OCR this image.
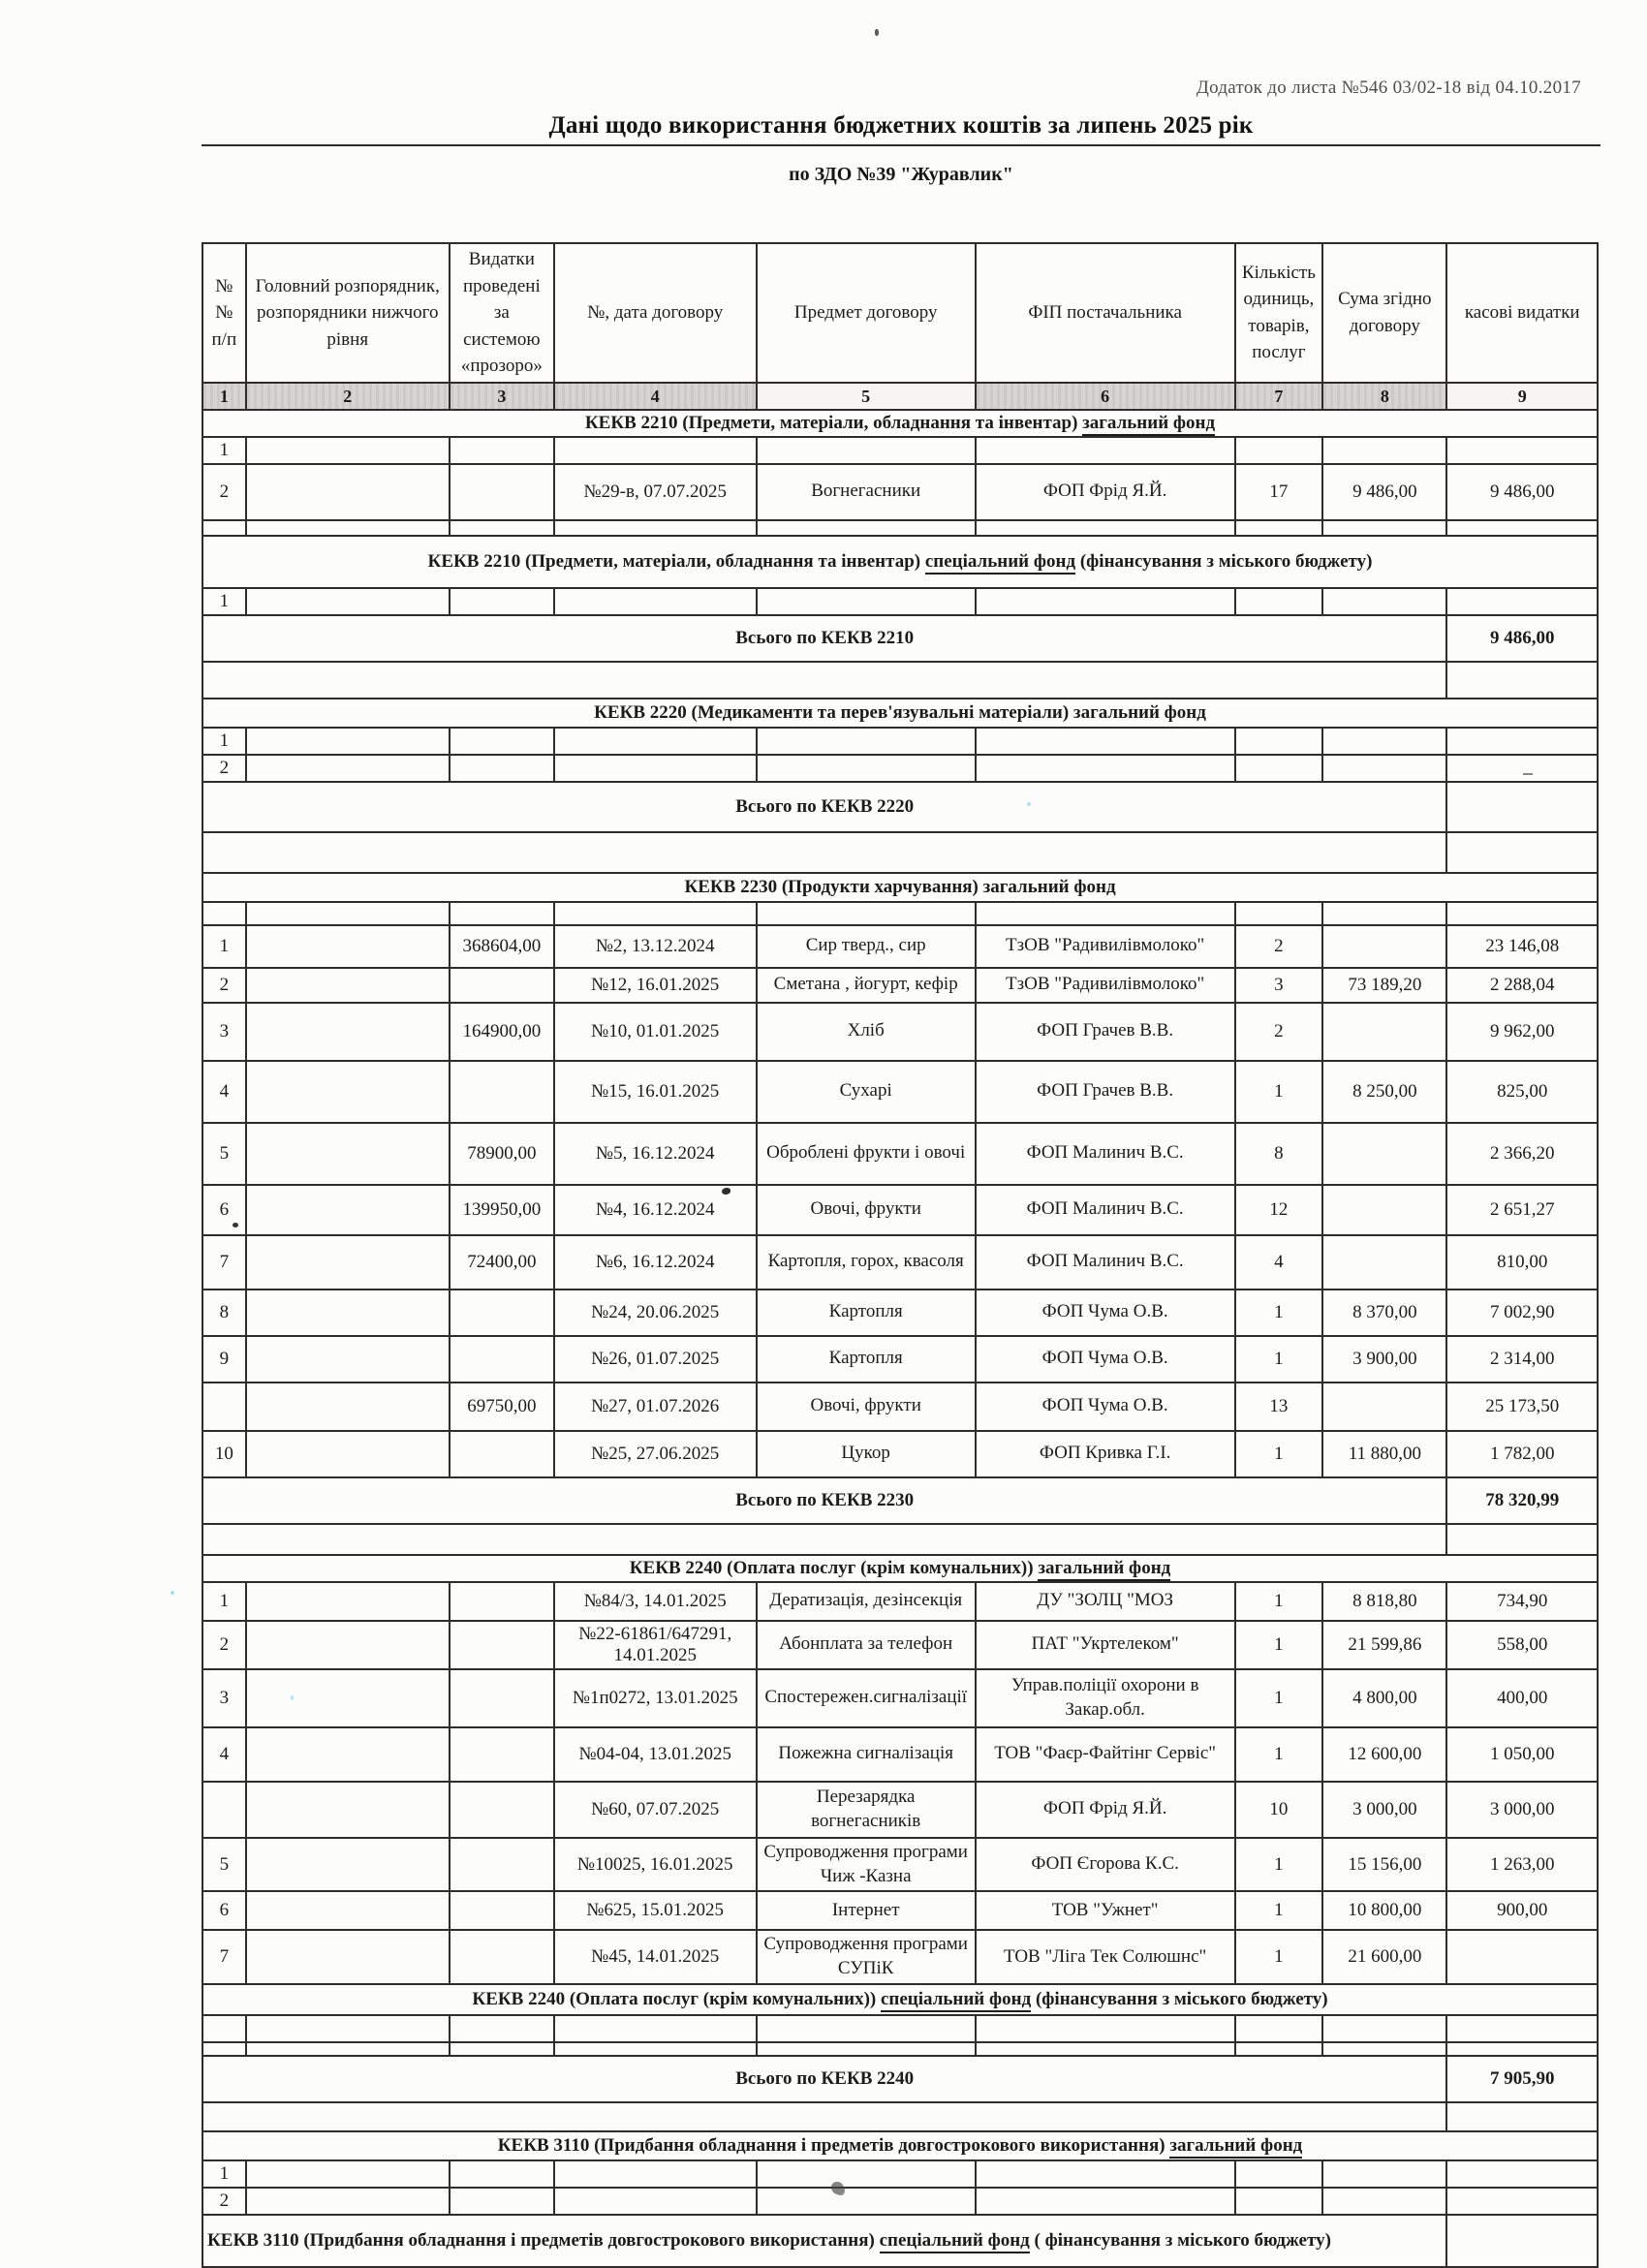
Додаток до листа №546 03/02-18 від 04.10.2017
Дані щодо використання бюджетних коштів за липень 2025 рік
по ЗДО №39 "Журавлик"
№№ п/п	Головний розпорядник, розпорядники нижчого рівня	Видатки проведені за системою «прозоро»	№, дата договору	Предмет договору	ФІП постачальника	Кількість одиниць, товарів, послуг	Сума згідно договору	касові видатки
1	2	3	4	5	6	7	8	9
КЕКВ 2210 (Предмети, матеріали, обладнання та інвентар) загальний фонд								
1								
2			№29-в, 07.07.2025	Вогнегасники	ФОП Фрід Я.Й.	17	9 486,00	9 486,00

КЕКВ 2210 (Предмети, матеріали, обладнання та інвентар) спеціальний фонд (фінансування з міського бюджету)								
1								
Всього по КЕКВ 2210								9 486,00

КЕКВ 2220 (Медикаменти та перев'язувальні матеріали) загальний фонд								
1								
2								
Всього по КЕКВ 2220								

КЕКВ 2230 (Продукти харчування) загальний фонд								

1		368604,00	№2, 13.12.2024	Сир тверд., сир	ТзОВ "Радивилівмолоко"	2		23 146,08
2			№12, 16.01.2025	Сметана , йогурт, кефір	ТзОВ "Радивилівмолоко"	3	73 189,20	2 288,04
3		164900,00	№10, 01.01.2025	Хліб	ФОП Грачев В.В.	2		9 962,00
4			№15, 16.01.2025	Сухарі	ФОП Грачев В.В.	1	8 250,00	825,00
5		78900,00	№5, 16.12.2024	Оброблені фрукти і овочі	ФОП Малинич В.С.	8		2 366,20
6		139950,00	№4, 16.12.2024	Овочі, фрукти	ФОП Малинич В.С.	12		2 651,27
7		72400,00	№6, 16.12.2024	Картопля, горох, квасоля	ФОП Малинич В.С.	4		810,00
8			№24, 20.06.2025	Картопля	ФОП Чума О.В.	1	8 370,00	7 002,90
9			№26, 01.07.2025	Картопля	ФОП Чума О.В.	1	3 900,00	2 314,00
		69750,00	№27, 01.07.2026	Овочі, фрукти	ФОП Чума О.В.	13		25 173,50
10			№25, 27.06.2025	Цукор	ФОП Кривка Г.І.	1	11 880,00	1 782,00
Всього по КЕКВ 2230								78 320,99

КЕКВ 2240 (Оплата послуг (крім комунальних)) загальний фонд								
1			№84/3, 14.01.2025	Дератизація, дезінсекція	ДУ "ЗОЛЦ "МОЗ	1	8 818,80	734,90
2			№22-61861/647291, 14.01.2025	Абонплата за телефон	ПАТ "Укртелеком"	1	21 599,86	558,00
3			№1п0272, 13.01.2025	Спостережен.сигналізації	Управ.поліції охорони в Закар.обл.	1	4 800,00	400,00
4			№04-04, 13.01.2025	Пожежна сигналізація	ТОВ "Фаєр-Файтінг Сервіс"	1	12 600,00	1 050,00
			№60, 07.07.2025	Перезарядка вогнегасників	ФОП Фрід Я.Й.	10	3 000,00	3 000,00
5			№10025, 16.01.2025	Супроводження програми Чиж -Казна	ФОП Єгорова К.С.	1	15 156,00	1 263,00
6			№625, 15.01.2025	Інтернет	ТОВ "Ужнет"	1	10 800,00	900,00
7			№45, 14.01.2025	Супроводження програми СУПіК	ТОВ "Ліга Тек Солюшнс"	1	21 600,00	
КЕКВ 2240 (Оплата послуг (крім комунальних)) спеціальний фонд (фінансування з міського бюджету)								

Всього по КЕКВ 2240								7 905,90

КЕКВ 3110 (Придбання обладнання і предметів довгострокового використання) загальний фонд								
1								
2								
КЕКВ 3110 (Придбання обладнання і предметів довгострокового використання) спеціальний фонд ( фінансування з міського бюджету)								
